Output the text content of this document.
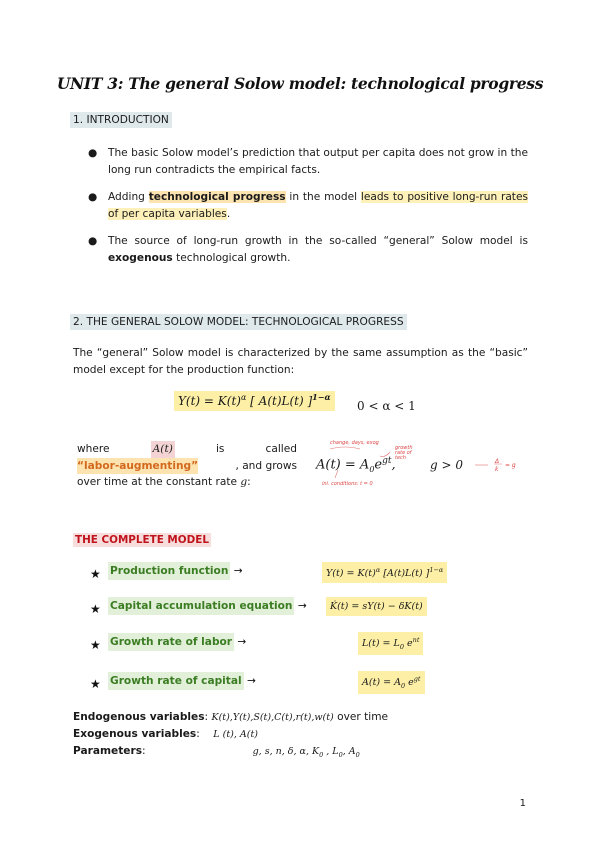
UNIT 3: The general Solow model: technological progress
1. INTRODUCTION
● The basic Solow model’s prediction that output per capita does not grow in the long run contradicts the empirical facts.
● Adding technological progress in the model leads to positive long-run rates of per capita variables.
● The source of long-run growth in the so-called “general” Solow model is exogenous technological growth.
2. THE GENERAL SOLOW MODEL: TECHNOLOGICAL PROGRESS
The “general” Solow model is characterized by the same assumption as the “basic” model except for the production function:
$Y(t) = K(t)^\alpha$ [ A(t)L(t) ]$^{1-\alpha}$
0 < α < 1
where	A(t)	is	called
“labor-augmenting”	, and grows
over time at the constant rate g:
$A(t) = A_0e^{gt}$,	g > 0
change, days, exog
growth rate of tech
ini. conditions: t = 0
Δ
k
= g
THE COMPLETE MODEL
★ Production function →	$Y(t) = K(t)^\alpha$ [A(t)L(t) ]$^{1-\alpha}$
★ Capital accumulation equation →	K̇(t) = sY(t) − δK(t)
★ Growth rate of labor →	$L(t) = L_0$ $e^{nt}$
★ Growth rate of capital →	$A(t) = A_0$ $e^{gt}$
Endogenous variables: K(t),Y(t),S(t),C(t),r(t),w(t) over time
Exogenous variables:    L (t), A(t)
Parameters:	g, s, n, δ, α, $K_0$ , $L_0$, $A_0$
1
